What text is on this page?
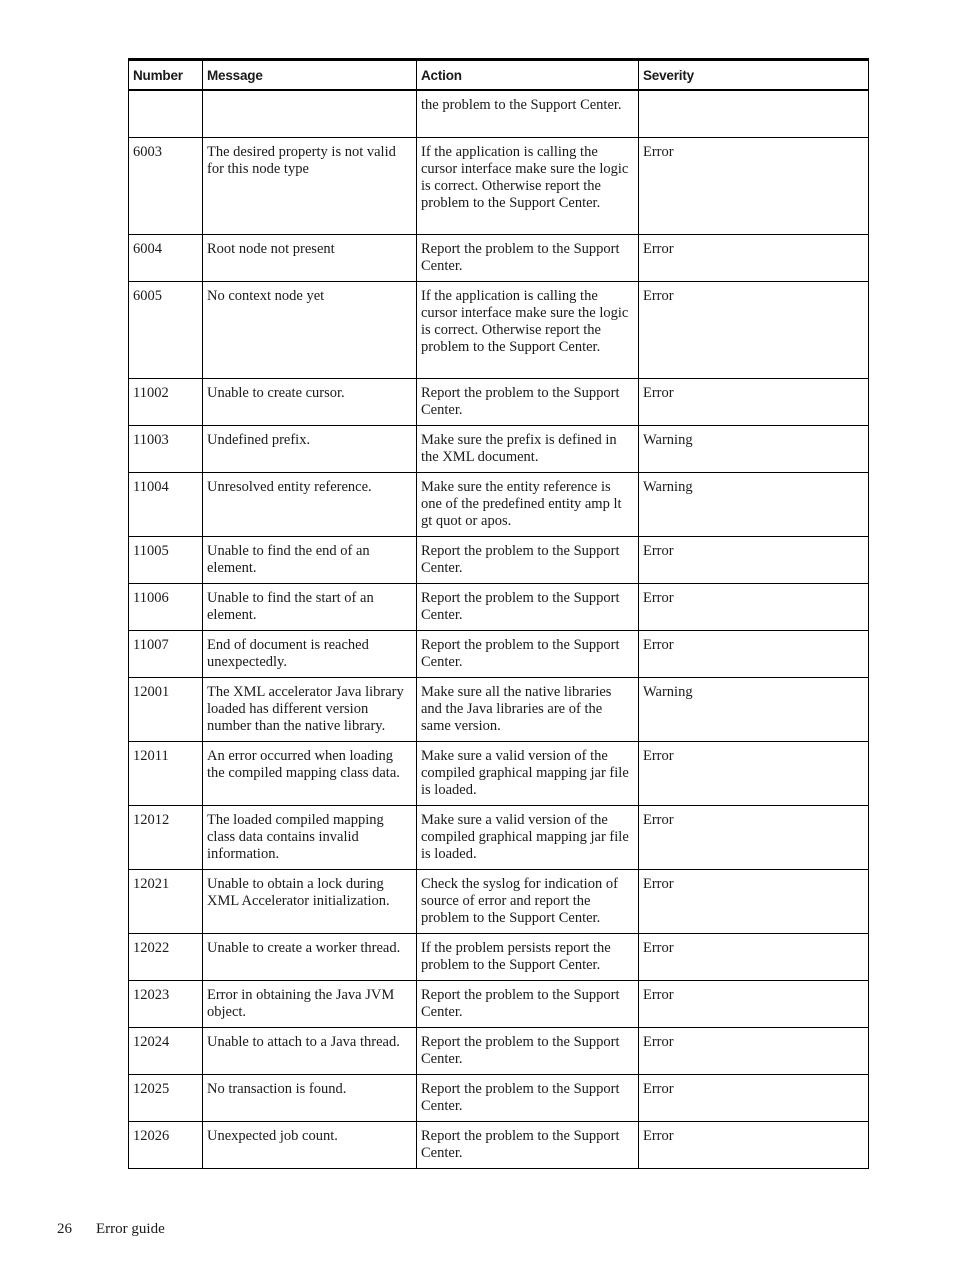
Number	Message	Action	Severity
		the problem to the Support Center.	
6003	The desired property is not valid for this node type	If the application is calling the cursor interface make sure the logic is correct. Otherwise report the problem to the Support Center.	Error
6004	Root node not present	Report the problem to the Support Center.	Error
6005	No context node yet	If the application is calling the cursor interface make sure the logic is correct. Otherwise report the problem to the Support Center.	Error
11002	Unable to create cursor.	Report the problem to the Support Center.	Error
11003	Undefined prefix.	Make sure the prefix is defined in the XML document.	Warning
11004	Unresolved entity reference.	Make sure the entity reference is one of the predefined entity amp lt gt quot or apos.	Warning
11005	Unable to find the end of an element.	Report the problem to the Support Center.	Error
11006	Unable to find the start of an element.	Report the problem to the Support Center.	Error
11007	End of document is reached unexpectedly.	Report the problem to the Support Center.	Error
12001	The XML accelerator Java library loaded has different version number than the native library.	Make sure all the native libraries and the Java libraries are of the same version.	Warning
12011	An error occurred when loading the compiled mapping class data.	Make sure a valid version of the compiled graphical mapping jar file is loaded.	Error
12012	The loaded compiled mapping class data contains invalid information.	Make sure a valid version of the compiled graphical mapping jar file is loaded.	Error
12021	Unable to obtain a lock during XML Accelerator initialization.	Check the syslog for indication of source of error and report the problem to the Support Center.	Error
12022	Unable to create a worker thread.	If the problem persists report the problem to the Support Center.	Error
12023	Error in obtaining the Java JVM object.	Report the problem to the Support Center.	Error
12024	Unable to attach to a Java thread.	Report the problem to the Support Center.	Error
12025	No transaction is found.	Report the problem to the Support Center.	Error
12026	Unexpected job count.	Report the problem to the Support Center.	Error
26 Error guide
